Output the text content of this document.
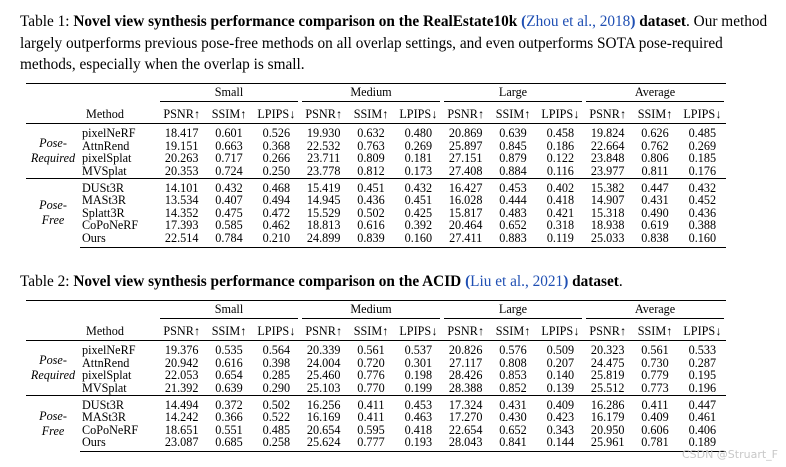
Table 1: Novel view synthesis performance comparison on the RealEstate10k (Zhou et al., 2018) dataset. Our method largely outperforms previous pose-free methods on all overlap settings, and even outperforms SOTA pose-required methods, especially when the overlap is small.
		Small			Medium			Large			Average		
Method		PSNR↑	SSIM↑	LPIPS↓	PSNR↑	SSIM↑	LPIPS↓	PSNR↑	SSIM↑	LPIPS↓	PSNR↑	SSIM↑	LPIPS↓
Pose-
Required	pixelNeRF	18.417	0.601	0.526	19.930	0.632	0.480	20.869	0.639	0.458	19.824	0.626	0.485
	AttnRend	19.151	0.663	0.368	22.532	0.763	0.269	25.897	0.845	0.186	22.664	0.762	0.269
	pixelSplat	20.263	0.717	0.266	23.711	0.809	0.181	27.151	0.879	0.122	23.848	0.806	0.185
	MVSplat	20.353	0.724	0.250	23.778	0.812	0.173	27.408	0.884	0.116	23.977	0.811	0.176
Pose-
Free	DUSt3R	14.101	0.432	0.468	15.419	0.451	0.432	16.427	0.453	0.402	15.382	0.447	0.432
	MASt3R	13.534	0.407	0.494	14.945	0.436	0.451	16.028	0.444	0.418	14.907	0.431	0.452
	Splatt3R	14.352	0.475	0.472	15.529	0.502	0.425	15.817	0.483	0.421	15.318	0.490	0.436
	CoPoNeRF	17.393	0.585	0.462	18.813	0.616	0.392	20.464	0.652	0.318	18.938	0.619	0.388
	Ours	22.514	0.784	0.210	24.899	0.839	0.160	27.411	0.883	0.119	25.033	0.838	0.160
Table 2: Novel view synthesis performance comparison on the ACID (Liu et al., 2021) dataset.
		Small			Medium			Large			Average		
Method		PSNR↑	SSIM↑	LPIPS↓	PSNR↑	SSIM↑	LPIPS↓	PSNR↑	SSIM↑	LPIPS↓	PSNR↑	SSIM↑	LPIPS↓
Pose-
Required	pixelNeRF	19.376	0.535	0.564	20.339	0.561	0.537	20.826	0.576	0.509	20.323	0.561	0.533
	AttnRend	20.942	0.616	0.398	24.004	0.720	0.301	27.117	0.808	0.207	24.475	0.730	0.287
	pixelSplat	22.053	0.654	0.285	25.460	0.776	0.198	28.426	0.853	0.140	25.819	0.779	0.195
	MVSplat	21.392	0.639	0.290	25.103	0.770	0.199	28.388	0.852	0.139	25.512	0.773	0.196
Pose-
Free	DUSt3R	14.494	0.372	0.502	16.256	0.411	0.453	17.324	0.431	0.409	16.286	0.411	0.447
	MASt3R	14.242	0.366	0.522	16.169	0.411	0.463	17.270	0.430	0.423	16.179	0.409	0.461
	CoPoNeRF	18.651	0.551	0.485	20.654	0.595	0.418	22.654	0.652	0.343	20.950	0.606	0.406
	Ours	23.087	0.685	0.258	25.624	0.777	0.193	28.043	0.841	0.144	25.961	0.781	0.189
CSDN @Struart_F
